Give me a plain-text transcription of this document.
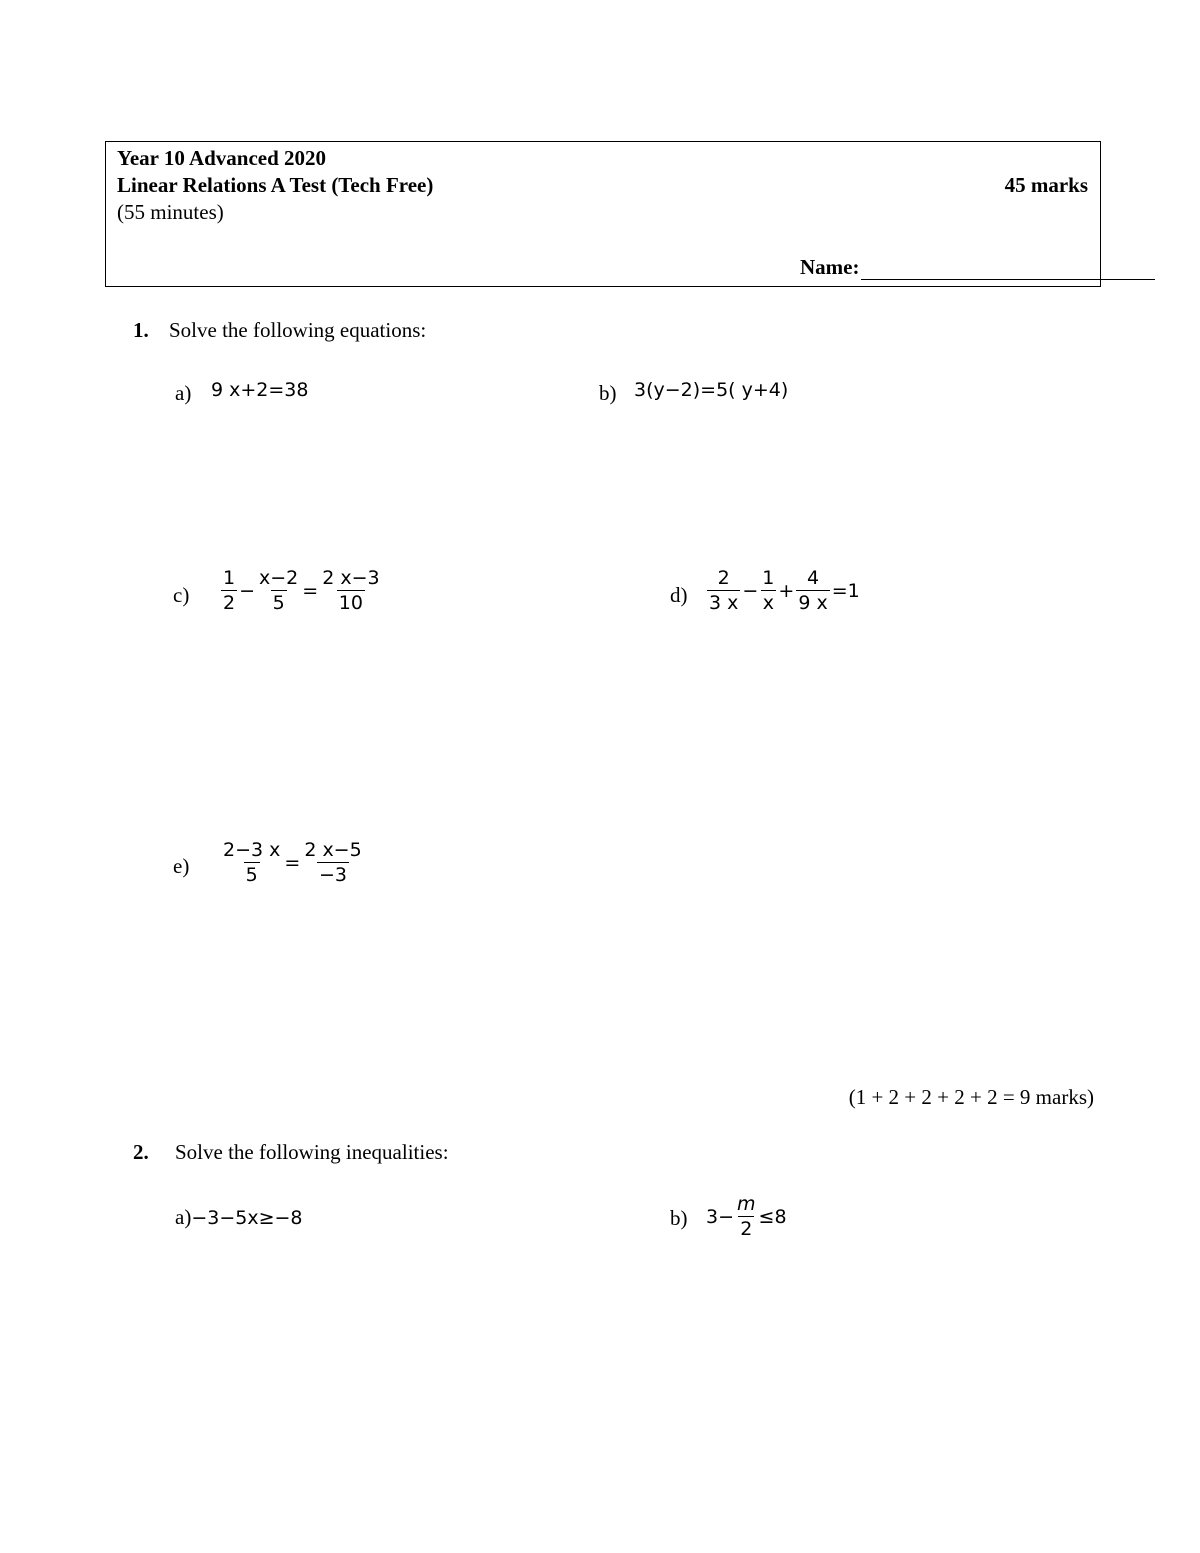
Year 10 Advanced 2020
Linear Relations A Test (Tech Free)	45 marks
(55 minutes)
Name:
1. Solve the following equations:
a) 9 x+2=38	b) 3(y−2)=5( y+4)
$c) \frac{1}{2} - \frac{x-2}{5} = \frac{2 x-3}{10}$	$d) \frac{2}{3 x} - \frac{1}{x} + \frac{4}{9 x} =1$
$e) \frac{2-3 x}{5} = \frac{2 x-5}{-3}$
(1 + 2 + 2 + 2 + 2 = 9 marks)
2. Solve the following inequalities:
a) −3−5x≥−8	b) $3- \frac{m}{2} \le 8$
